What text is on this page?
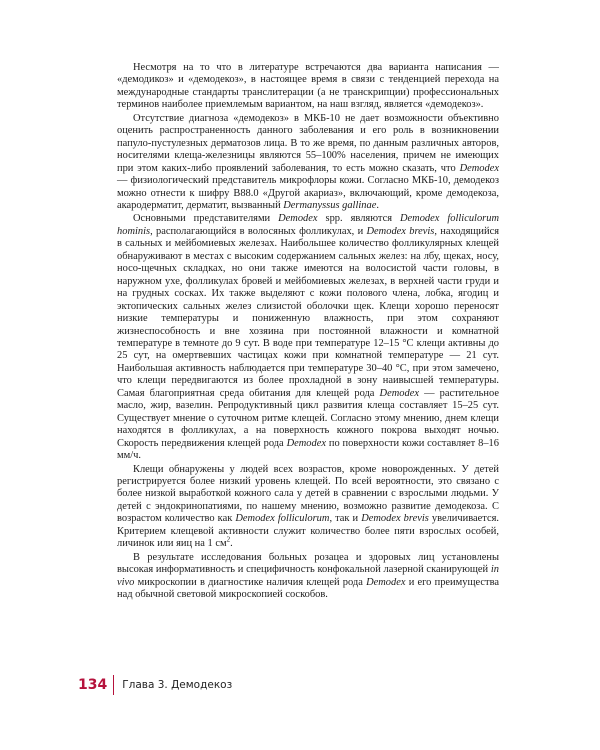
Несмотря на то что в литературе встречаются два варианта написания — «демодикоз» и «демодекоз», в настоящее время в связи с тенденцией перехода на международные стандарты транслитерации (а не транскрипции) профессиональных терминов наиболее приемлемым вариантом, на наш взгляд, является «демодекоз».

Отсутствие диагноза «демодекоз» в МКБ-10 не дает возможности объективно оценить распространенность данного заболевания и его роль в возникновении папуло-пустулезных дерматозов лица. В то же время, по данным различных авторов, носителями клеща-железницы являются 55–100% населения, причем не имеющих при этом каких-либо проявлений заболевания, то есть можно сказать, что Demodex — физиологический представитель микрофлоры кожи. Согласно МКБ-10, демодекоз можно отнести к шифру B88.0 «Другой акариаз», включающий, кроме демодекоза, акародерматит, дерматит, вызванный Dermanyssus gallinae.

Основными представителями Demodex spp. являются Demodex folliculorum hominis, располагающийся в волосяных фолликулах, и Demodex brevis, находящийся в сальных и мейбомиевых железах. Наибольшее количество фолликулярных клещей обнаруживают в местах с высоким содержанием сальных желез: на лбу, щеках, носу, носо-щечных складках, но они также имеются на волосистой части головы, в наружном ухе, фолликулах бровей и мейбомиевых железах, в верхней части груди и на грудных сосках. Их также выделяют с кожи полового члена, лобка, ягодиц и эктопических сальных желез слизистой оболочки щек. Клещи хорошо переносят низкие температуры и пониженную влажность, при этом сохраняют жизнеспособность и вне хозяина при постоянной влажности и комнатной температуре в темноте до 9 сут. В воде при температуре 12–15 °C клещи активны до 25 сут, на омертвевших частицах кожи при комнатной температуре — 21 сут. Наибольшая активность наблюдается при температуре 30–40 °C, при этом замечено, что клещи передвигаются из более прохладной в зону наивысшей температуры. Самая благоприятная среда обитания для клещей рода Demodex — растительное масло, жир, вазелин. Репродуктивный цикл развития клеща составляет 15–25 сут. Существует мнение о суточном ритме клещей. Согласно этому мнению, днем клещи находятся в фолликулах, а на поверхность кожного покрова выходят ночью. Скорость передвижения клещей рода Demodex по поверхности кожи составляет 8–16 мм/ч.

Клещи обнаружены у людей всех возрастов, кроме новорожденных. У детей регистрируется более низкий уровень клещей. По всей вероятности, это связано с более низкой выработкой кожного сала у детей в сравнении с взрослыми людьми. У детей с эндокринопатиями, по нашему мнению, возможно развитие демодекоза. С возрастом количество как Demodex folliculorum, так и Demodex brevis увеличивается. Критерием клещевой активности служит количество более пяти взрослых особей, личинок или яиц на 1 $см^2$.

В результате исследования больных розацеа и здоровых лиц установлены высокая информативность и специфичность конфокальной лазерной сканирующей in vivo микроскопии в диагностике наличия клещей рода Demodex и его преимущества над обычной световой микроскопией соскобов.

134 Глава 3. Демодекоз
